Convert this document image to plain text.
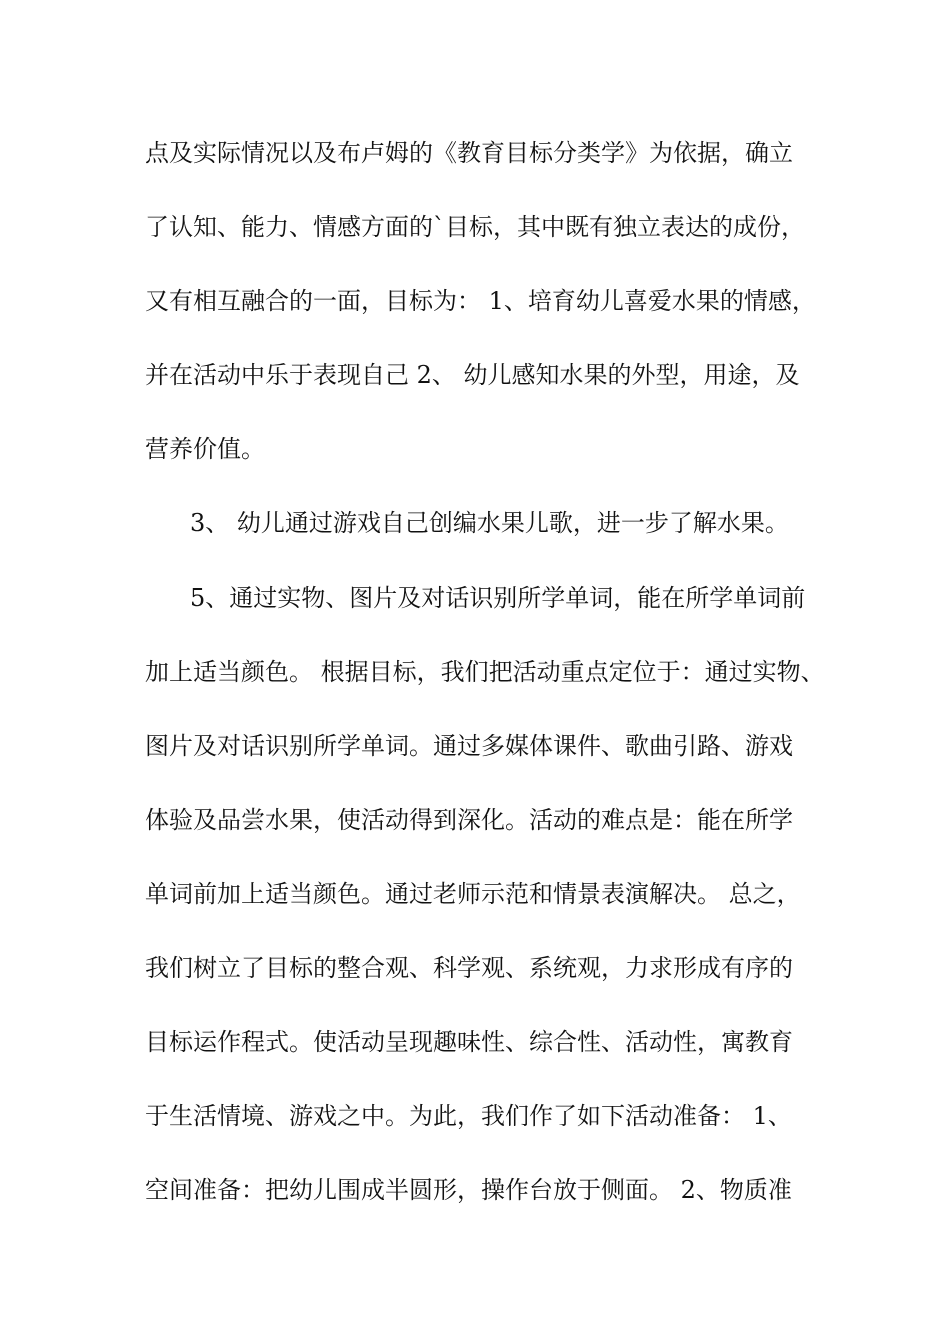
点及实际情况以及布卢姆的《教育目标分类学》为依据，确立
了认知、能力、情感方面的`目标，其中既有独立表达的成份，
又有相互融合的一面，目标为： 1、培育幼儿喜爱水果的情感，
并在活动中乐于表现自己 2、 幼儿感知水果的外型，用途，及
营养价值。
3、 幼儿通过游戏自己创编水果儿歌，进一步了解水果。
5、通过实物、图片及对话识别所学单词，能在所学单词前
加上适当颜色。 根据目标，我们把活动重点定位于：通过实物、
图片及对话识别所学单词。通过多媒体课件、歌曲引路、游戏
体验及品尝水果，使活动得到深化。活动的难点是：能在所学
单词前加上适当颜色。通过老师示范和情景表演解决。 总之，
我们树立了目标的整合观、科学观、系统观，力求形成有序的
目标运作程式。使活动呈现趣味性、综合性、活动性，寓教育
于生活情境、游戏之中。为此，我们作了如下活动准备： 1、
空间准备：把幼儿围成半圆形，操作台放于侧面。 2、物质准
